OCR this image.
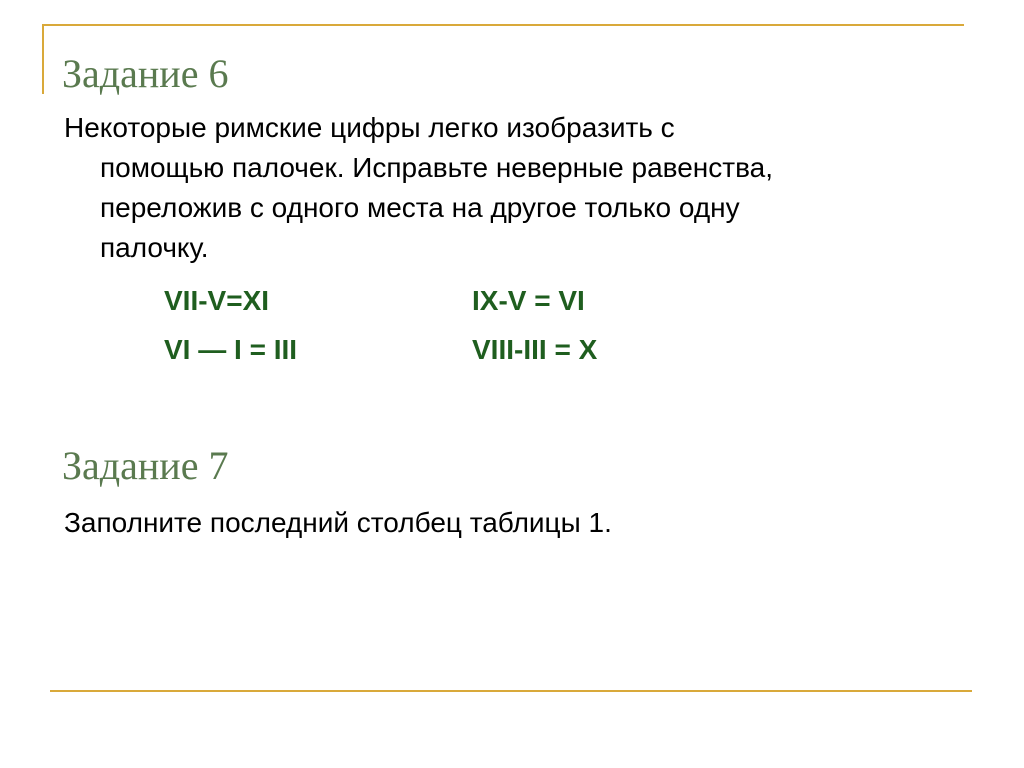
Задание 6
Некоторые римские цифры легко изобразить с
помощью палочек. Исправьте неверные равенства,
переложив с одного места на другое только одну
палочку.
VII-V=XI	IX-V = VI
VI — I = III	VIII-III = X
Задание 7
Заполните последний столбец таблицы 1.
